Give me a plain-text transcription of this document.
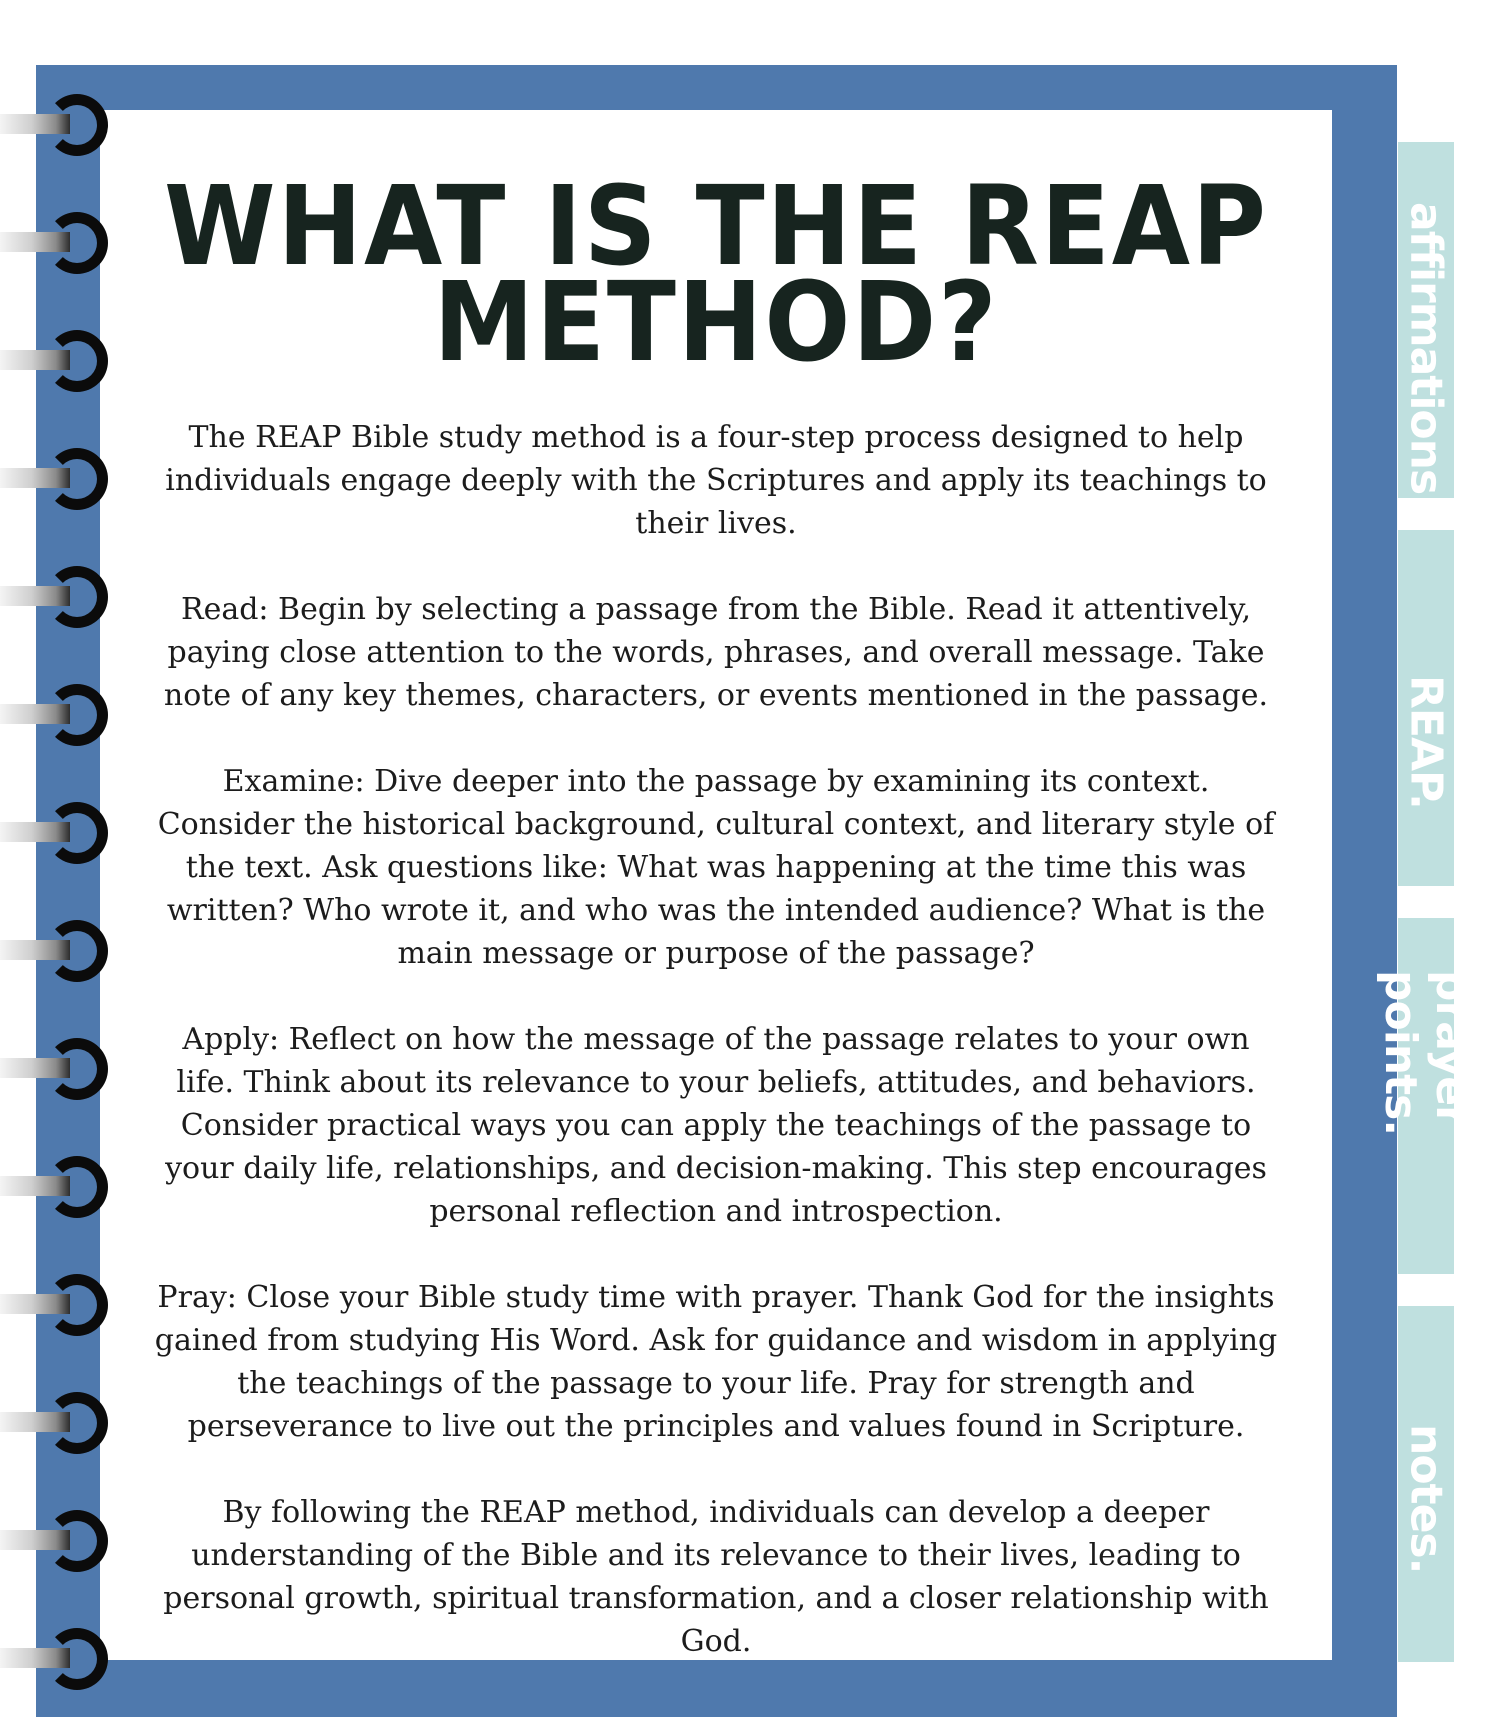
WHAT IS THE REAP
METHOD?

The REAP Bible study method is a four-step process designed to help individuals engage deeply with the Scriptures and apply its teachings to their lives.

Read: Begin by selecting a passage from the Bible. Read it attentively, paying close attention to the words, phrases, and overall message. Take note of any key themes, characters, or events mentioned in the passage.

Examine: Dive deeper into the passage by examining its context. Consider the historical background, cultural context, and literary style of the text. Ask questions like: What was happening at the time this was written? Who wrote it, and who was the intended audience? What is the main message or purpose of the passage?

Apply: Reflect on how the message of the passage relates to your own life. Think about its relevance to your beliefs, attitudes, and behaviors. Consider practical ways you can apply the teachings of the passage to your daily life, relationships, and decision-making. This step encourages personal reflection and introspection.

Pray: Close your Bible study time with prayer. Thank God for the insights gained from studying His Word. Ask for guidance and wisdom in applying the teachings of the passage to your life. Pray for strength and perseverance to live out the principles and values found in Scripture.

By following the REAP method, individuals can develop a deeper understanding of the Bible and its relevance to their lives, leading to personal growth, spiritual transformation, and a closer relationship with God.

affirmations.
REAP.
prayer points.
notes.
